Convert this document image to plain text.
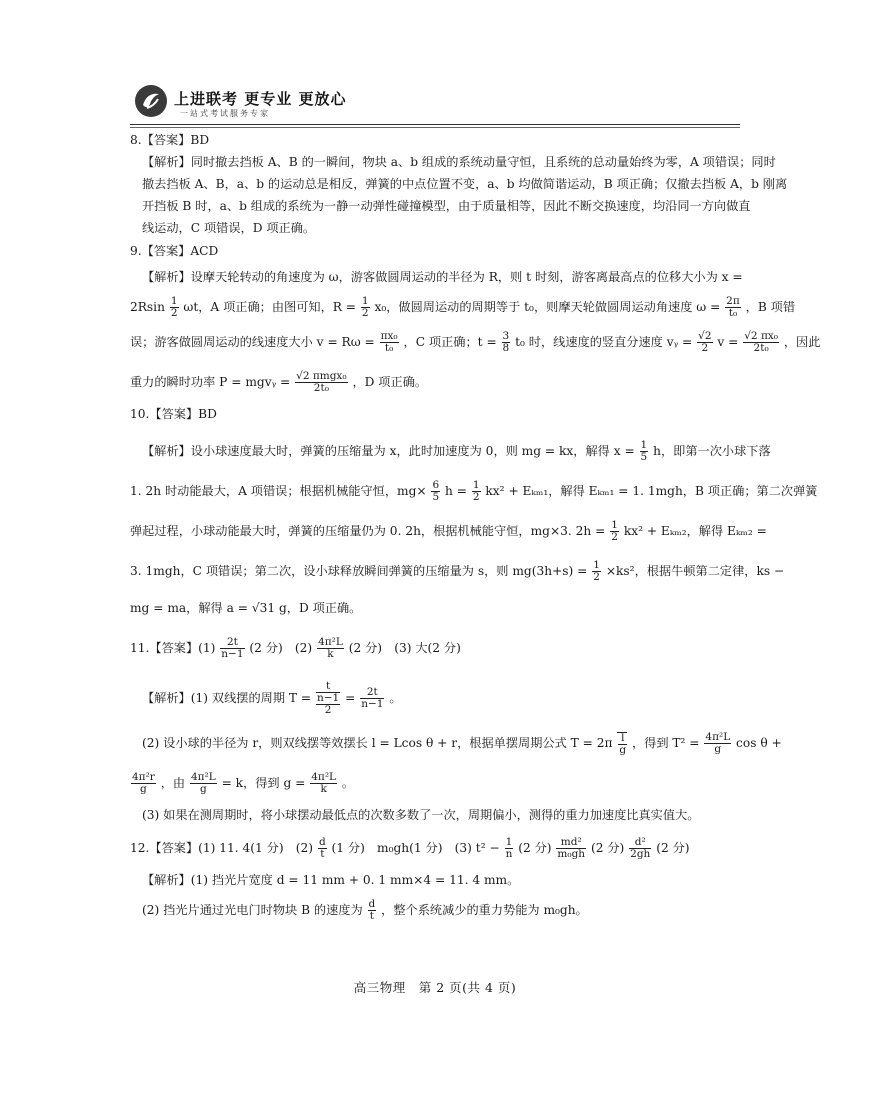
上进联考 更专业 更放心
一站式考试服务专家
8.【答案】BD
【解析】同时撤去挡板 A、B 的一瞬间，物块 a、b 组成的系统动量守恒，且系统的总动量始终为零，A 项错误；同时
撤去挡板 A、B，a、b 的运动总是相反，弹簧的中点位置不变，a、b 均做简谐运动，B 项正确；仅撤去挡板 A，b 刚离
开挡板 B 时，a、b 组成的系统为一静一动弹性碰撞模型，由于质量相等，因此不断交换速度，均沿同一方向做直
线运动，C 项错误，D 项正确。
9.【答案】ACD
【解析】设摩天轮转动的角速度为 ω，游客做圆周运动的半径为 R，则 t 时刻，游客离最高点的位移大小为 x =
$2Rsin \frac{1}{2}$ ωt，A 项正确；由图可知，$R = \frac{1}{2} x_0$，做圆周运动的周期等于 t₀，则摩天轮做圆周运动角速度 $\omega = \frac{2\pi}{\text{t₀}}$ ，B 项错
误；游客做圆周运动的线速度大小 $v = R\omega = \frac{\text{πx₀}}{\text{t₀}}$ ，C 项正确；$t = \frac{3}{8} t_0$ 时，线速度的竖直分速度 vᵧ = $\frac{√2}{2}$ $v = \frac{\text{√2 πx₀}}{\text{2t₀}}$ ，因此
重力的瞬时功率 P = mgvᵧ = $\frac{\text{√2 πmgx₀}}{\text{2t₀}}$ ，D 项正确。
10.【答案】BD
【解析】设小球速度最大时，弹簧的压缩量为 x，此时加速度为 0，则 mg = kx，解得 $x = \frac{1}{5}$ h，即第一次小球下落
1. 2h 时动能最大，A 项错误；根据机械能守恒，$mg\times \frac{6}{5}$ $h = \frac{1}{2} kx^2 + E_{km1}$，解得 Eₖₘ₁ = 1. 1mgh，B 项正确；第二次弹簧
弹起过程，小球动能最大时，弹簧的压缩量仍为 0. 2h，根据机械能守恒，mg×3. $2h = \frac{1}{2} kx^2 + E_{km2}$，解得 Eₖₘ₂ =
3. 1mgh，C 项错误；第二次，设小球释放瞬间弹簧的压缩量为 s，则 $mg(3h+s) = \frac{1}{2} \times ks^2$，根据牛顿第二定律，ks −
mg = ma，解得 a = √31 g，D 项正确。
11.【答案】$(1) \frac{2t}{n-1} (2$ 分)　$(2) \frac{\text{4π²L}}{k} (2$ 分)　(3) 大(2 分)
【解析】(1) 双线摆的周期 T =
t
n−1
2
= $\frac{2t}{n-1}$ 。
(2) 设小球的半径为 r，则双线摆等效摆长 l = Lcos θ + r，根据单摆周期公式 $T = 2\pi \frac{l}{g}$ ，得到 $T^2 = \frac{\text{4π²L}}{g}$ cos θ +
$\frac{\text{4π²r}}{g}$ ，由 $\frac{\text{4π²L}}{g} = k$，得到 $g = \frac{\text{4π²L}}{k}$ 。
(3) 如果在测周期时，将小球摆动最低点的次数多数了一次，周期偏小，测得的重力加速度比真实值大。
12.【答案】(1) 11. 4(1 分)　$(2) \frac{d}{t} (1$ 分)　m₀gh(1 分)　(3) $t^2 - \frac{1}{n} (2$ 分) $\frac{\text{md²}}{\text{m₀gh}} (2$ 分) $\frac{\text{d²}}{2gh} (2$ 分)
【解析】(1) 挡光片宽度 d = 11 mm + 0. 1 mm×4 = 11. 4 mm。
(2) 挡光片通过光电门时物块 B 的速度为 $\frac{d}{t}$ ，整个系统减少的重力势能为 m₀gh。
高三物理　第 2 页(共 4 页)
